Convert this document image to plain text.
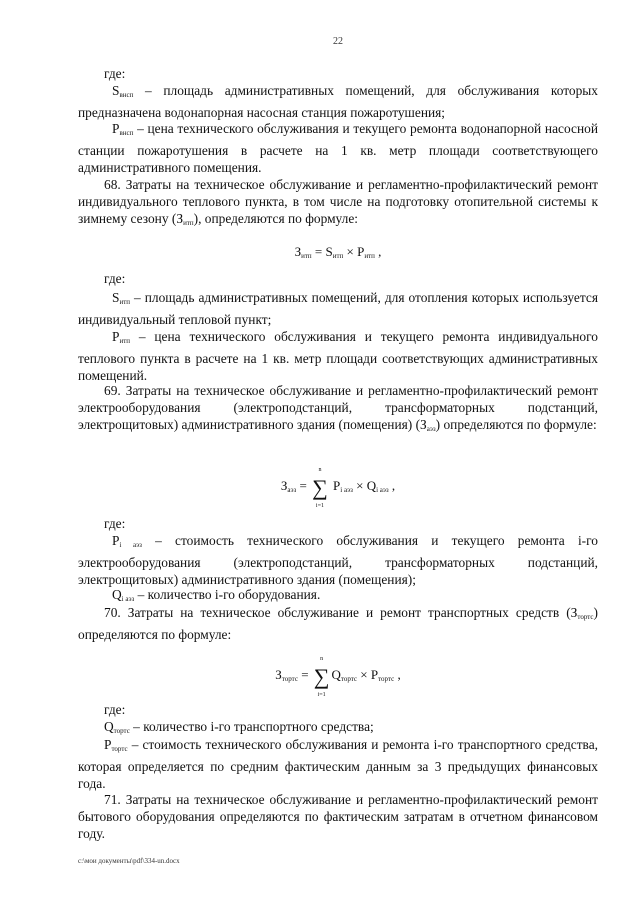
22
где:

$S_{внсп}$ – площадь административных помещений, для обслуживания которых предназначена водонапорная насосная станция пожаротушения;

$P_{внсп}$ – цена технического обслуживания и текущего ремонта водонапорной насосной станции пожаротушения в расчете на 1 кв. метр площади соответствующего административного помещения.

68. Затраты на техническое обслуживание и регламентно-профилактический ремонт индивидуального теплового пункта, в том числе на подготовку отопительной системы к зимнему сезону $(З_{итп})$, определяются по формуле:

$З_{итп} = S_{итп} \times P_{итп}$ ,
где:

$S_{итп}$ – площадь административных помещений, для отопления которых используется индивидуальный тепловой пункт;

$P_{итп}$ – цена технического обслуживания и текущего ремонта индивидуального теплового пункта в расчете на 1 кв. метр площади соответствующих административных помещений.

69. Затраты на техническое обслуживание и регламентно-профилактический ремонт электрооборудования (электроподстанций, трансформаторных подстанций, электрощитовых) административного здания (помещения) $(З_{аэз})$ определяются по формуле:

$З_{аэз}$ =
n
∑
i=1
$P_{i аэз} \times Q_{i аэз}$ ,
где:

$P_{i аэз}$ – стоимость технического обслуживания и текущего ремонта i-го электрооборудования (электроподстанций, трансформаторных подстанций, электрощитовых) административного здания (помещения);

$Q_{i аэз}$ – количество i-го оборудования.

70. Затраты на техническое обслуживание и ремонт транспортных средств $(З_{тортс})$ определяются по формуле:

$З_{тортс}$ =
n
∑
i=1
$Q_{тортс} \times P_{тортс}$ ,
где:
$Q_{тортс}$ – количество i-го транспортного средства;

$P_{тортс}$ – стоимость технического обслуживания и ремонта i-го транспортного средства, которая определяется по средним фактическим данным за 3 предыдущих финансовых года.

71. Затраты на техническое обслуживание и регламентно-профилактический ремонт бытового оборудования определяются по фактическим затратам в отчетном финансовом году.

c:\мои документы\pdf\334-un.docx
